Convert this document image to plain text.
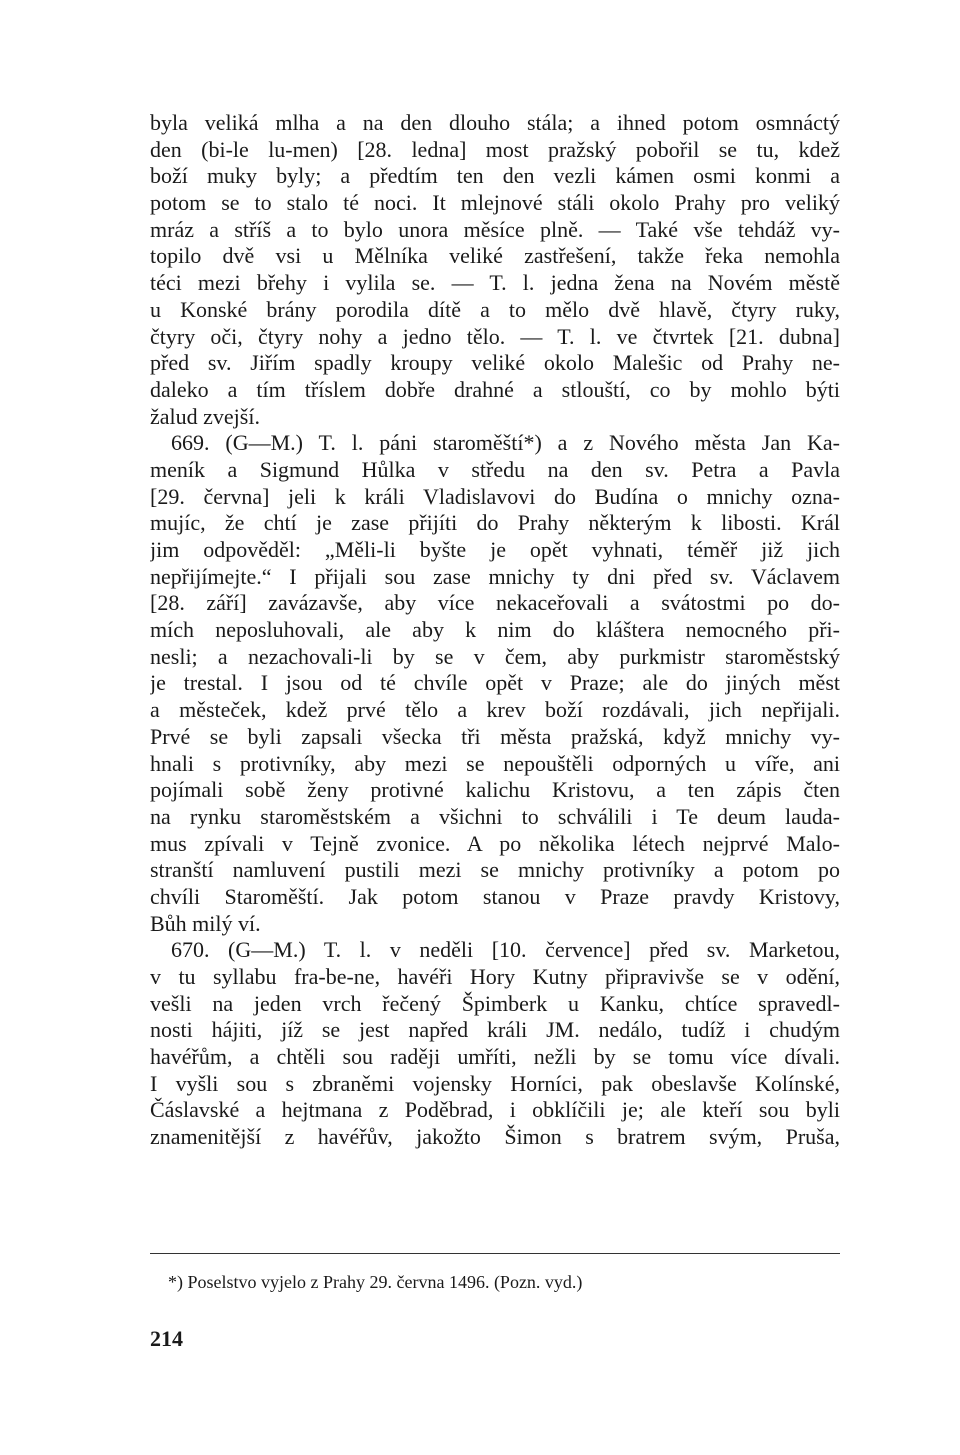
byla veliká mlha a na den dlouho stála; a ihned potom osmnáctý
den (bi-le lu-men) [28. ledna] most pražský pobořil se tu, kdež
boží muky byly; a předtím ten den vezli kámen osmi konmi a
potom se to stalo té noci. It mlejnové stáli okolo Prahy pro veliký
mráz a stříš a to bylo unora měsíce plně. — Také vše tehdáž vy-
topilo dvě vsi u Mělníka veliké zastřešení, takže řeka nemohla
téci mezi břehy i vylila se. — T. l. jedna žena na Novém městě
u Konské brány porodila dítě a to mělo dvě hlavě, čtyry ruky,
čtyry oči, čtyry nohy a jedno tělo. — T. l. ve čtvrtek [21. dubna]
před sv. Jiřím spadly kroupy veliké okolo Malešic od Prahy ne-
daleko a tím tříslem dobře drahné a stlouští, co by mohlo býti
žalud zvejší.
669. (G—M.) T. l. páni staroměští*) a z Nového města Jan Ka-
meník a Sigmund Hůlka v středu na den sv. Petra a Pavla
[29. června] jeli k králi Vladislavovi do Budína o mnichy ozna-
mujíc, že chtí je zase přijíti do Prahy některým k libosti. Král
jim odpověděl: „Měli-li byšte je opět vyhnati, téměř již jich
nepřijímejte.“ I přijali sou zase mnichy ty dni před sv. Václavem
[28. září] zavázavše, aby více nekaceřovali a svátostmi po do-
mích neposluhovali, ale aby k nim do kláštera nemocného při-
nesli; a nezachovali-li by se v čem, aby purkmistr staroměstský
je trestal. I jsou od té chvíle opět v Praze; ale do jiných měst
a městeček, kdež prvé tělo a krev boží rozdávali, jich nepřijali.
Prvé se byli zapsali všecka tři města pražská, když mnichy vy-
hnali s protivníky, aby mezi se nepouštěli odporných u víře, ani
pojímali sobě ženy protivné kalichu Kristovu, a ten zápis čten
na rynku staroměstském a všichni to schválili i Te deum lauda-
mus zpívali v Tejně zvonice. A po několika létech nejprvé Malo-
stranští namluvení pustili mezi se mnichy protivníky a potom po
chvíli Staroměští. Jak potom stanou v Praze pravdy Kristovy,
Bůh milý ví.
670. (G—M.) T. l. v neděli [10. července] před sv. Marketou,
v tu syllabu fra-be-ne, havéři Hory Kutny připravivše se v odění,
vešli na jeden vrch řečený Špimberk u Kanku, chtíce spravedl-
nosti hájiti, jíž se jest napřed králi JM. nedálo, tudíž i chudým
havéřům, a chtěli sou raději umříti, nežli by se tomu více dívali.
I vyšli sou s zbraněmi vojensky Horníci, pak obeslavše Kolínské,
Čáslavské a hejtmana z Poděbrad, i obklíčili je; ale kteří sou byli
znamenitější z havéřův, jakožto Šimon s bratrem svým, Pruša,
*) Poselstvo vyjelo z Prahy 29. června 1496. (Pozn. vyd.)
214
